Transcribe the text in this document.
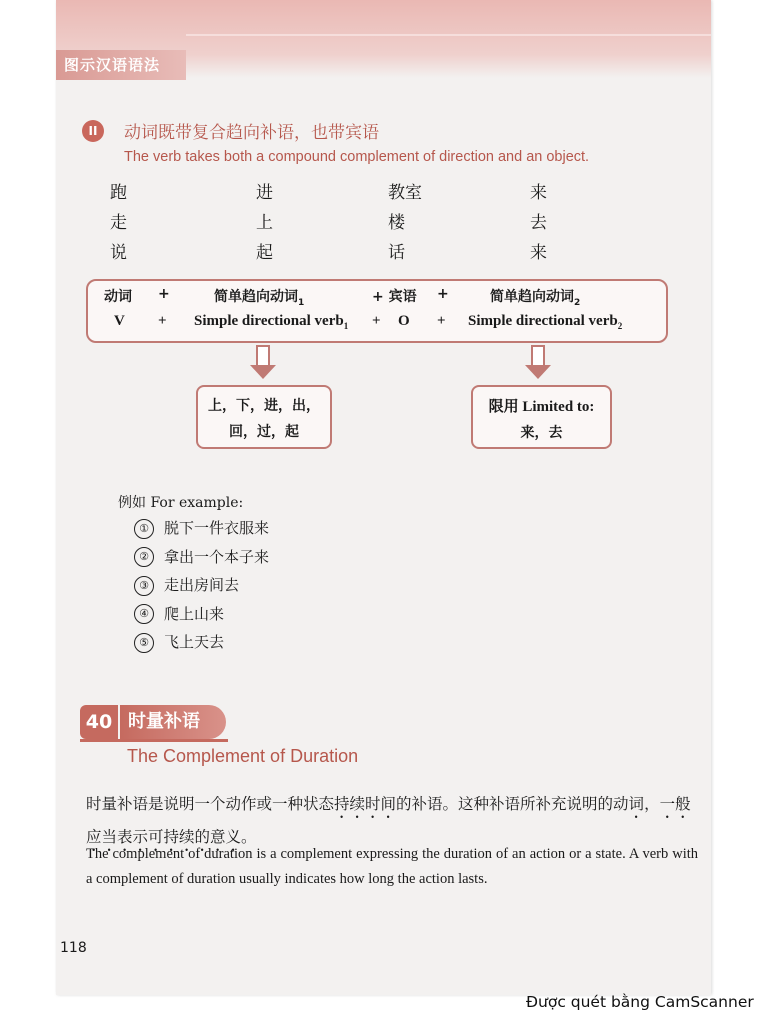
图示汉语语法
II	动词既带复合趋向补语，也带宾语
The verb takes both a compound complement of direction and an object.
跑	进	教室	来
走	上	楼	去
说	起	话	来
动词 +	简单趋向动词$_1$	+ 宾语 +	简单趋向动词$_2$
V + Simple directional verb$_1$ + O + Simple directional verb$_2$
上，下，进，出，
回，过，起
限用 Limited to:
来，去
例如 For example:
① 脱下一件衣服来
② 拿出一个本子来
③ 走出房间去
④ 爬上山来
⑤ 飞上天去
40 时量补语
The Complement of Duration
时量补语是说明一个动作或一种状态持续时间的补语。这种补语所补充说明的动词，一般应当表示可持续的意义。
The complement of duration is a complement expressing the duration of an action or a state. A verb with a complement of duration usually indicates how long the action lasts.
118
Được quét bằng CamScanner
